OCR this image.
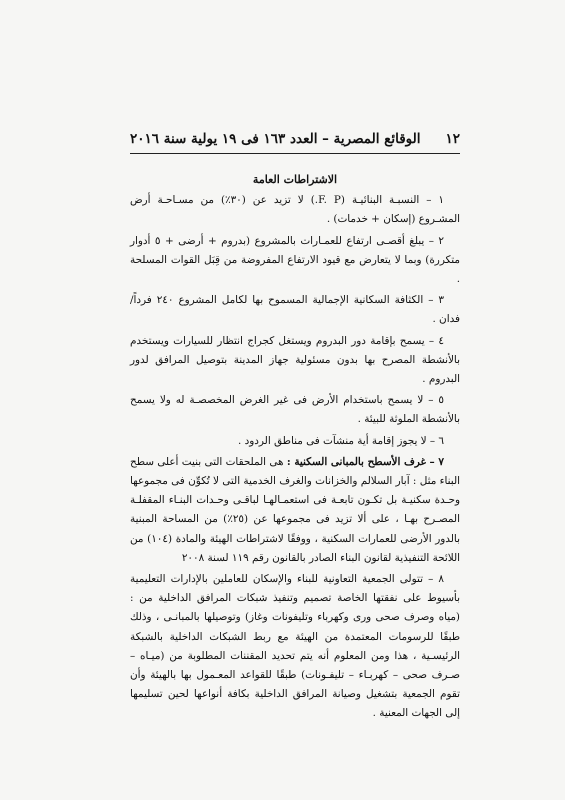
١٢
الوقائع المصرية – العدد ١٦٣ فى ١٩ يولية سنة ٢٠١٦
الاشتراطات العامة

١ – النسبـة البنائيـة (F. P.) لا تزيد عن (٣٠٪) من مسـاحـة أرض المشـروع (إسكان + خدمات) .

٢ – يبلغ أقصـى ارتفاع للعمـارات بالمشروع (بدروم + أرضى + ٥ أدوار متكررة) وبما لا يتعارض مع قيود الارتفاع المفروضة من قِبَل القوات المسلحة .

٣ – الكثافة السكانية الإجمالية المسموح بها لكامل المشروع ٢٤٠ فرداً/ فدان .

٤ – يسمح بإقامة دور البدروم ويستغل كجراج انتظار للسيارات ويستخدم بالأنشطة المصرح بها بدون مسئولية جهاز المدينة بتوصيل المرافق لدور البدروم .

٥ – لا يسمح باستخدام الأرض فى غير الغرض المخصصـة له ولا يسمح بالأنشطة الملوثة للبيئة .

٦ – لا يجوز إقامة أية منشآت فى مناطق الردود .

٧ – غرف الأسطح بالمبانى السكنية : هى الملحقات التى بنيت أعلى سطح البناء مثل : آبار السلالم والخزانات والغرف الخدمية التى لا تُكوِّن فى مجموعها وحـدة سكنيـة بل تكـون تابعـة فى استعمـالهـا لباقـى وحـدات البنـاء المقفلـة المصـرح بهـا ، على ألا تزيد فى مجموعها عن (٢٥٪) من المساحة المبنية بالدور الأرضى للعمارات السكنية ، ووفقًا لاشتراطات الهيئة والمادة (١٠٤) من اللائحة التنفيذية لقانون البناء الصادر بالقانون رقم ١١٩ لسنة ٢٠٠٨

٨ – تتولى الجمعية التعاونية للبناء والإسكان للعاملين بالإدارات التعليمية بأسيوط على نفقتها الخاصة تصميم وتنفيذ شبكات المرافق الداخلية من : (مياه وصرف صحى ورى وكهرباء وتليفونات وغاز) وتوصيلها بالمبانـى ، وذلك طبقًا للرسومات المعتمدة من الهيئة مع ربط الشبكات الداخلية بالشبكة الرئيسـية ، هذا ومن المعلوم أنه يتم تحديد المقننات المطلوبة من (ميـاه – صـرف صحى – كهربـاء – تليفـونات) طبقًا للقواعد المعـمول بها بالهيئة وأن تقوم الجمعية بتشغيل وصيانة المرافق الداخلية بكافة أنواعها لحين تسليمها إلى الجهات المعنية .
